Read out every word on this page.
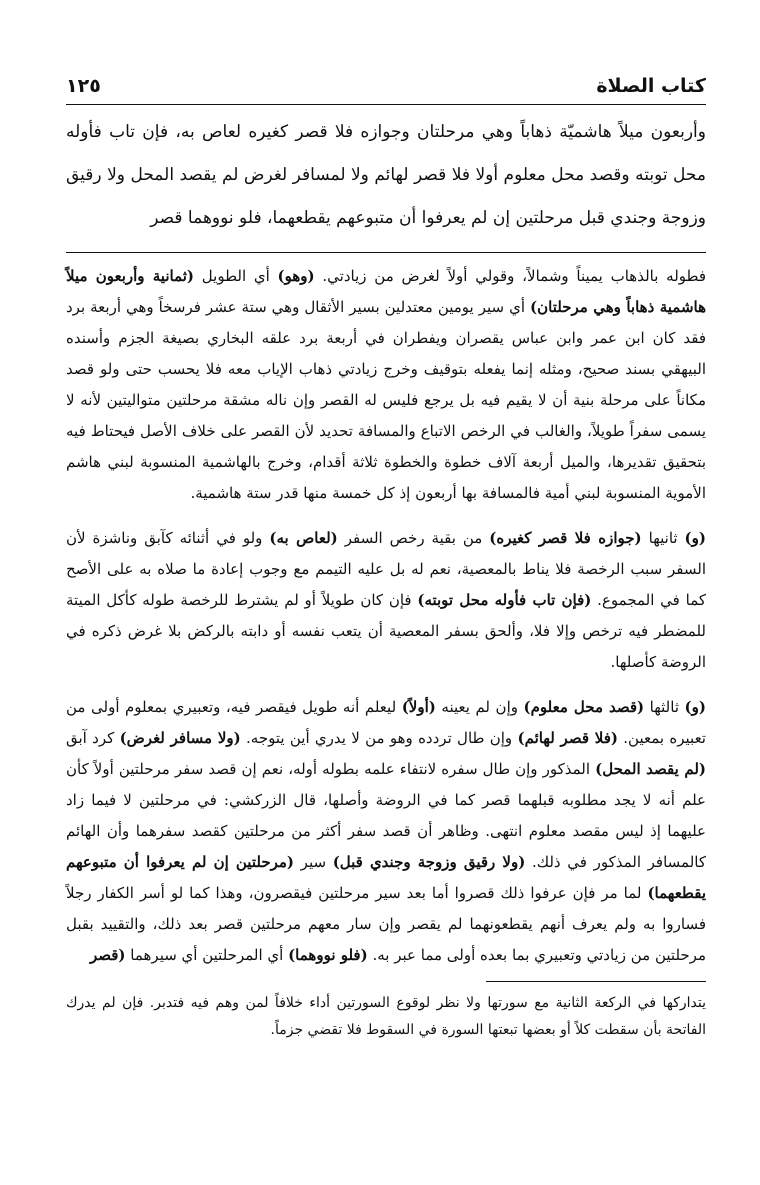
كتاب الصلاة
١٢٥

وأربعون ميلاً هاشميّة ذهاباً وهي مرحلتان وجوازه فلا قصر كغيره لعاص به، فإن تاب فأوله محل توبته وقصد محل معلوم أولا فلا قصر لهائم ولا لمسافر لغرض لم يقصد المحل ولا رقيق وزوجة وجندي قبل مرحلتين إن لم يعرفوا أن متبوعهم يقطعهما، فلو نووهما قصر

فطوله بالذهاب يميناً وشمالاً، وقولي أولاً لغرض من زيادتي. (وهو) أي الطويل (ثمانية وأربعون ميلاً هاشمية ذهاباً وهي مرحلتان) أي سير يومين معتدلين بسير الأثقال وهي ستة عشر فرسخاً وهي أربعة برد فقد كان ابن عمر وابن عباس يقصران ويفطران في أربعة برد علقه البخاري بصيغة الجزم وأسنده البيهقي بسند صحيح، ومثله إنما يفعله بتوقيف وخرج زيادتي ذهاب الإياب معه فلا يحسب حتى ولو قصد مكاناً على مرحلة بنية أن لا يقيم فيه بل يرجع فليس له القصر وإن ناله مشقة مرحلتين متواليتين لأنه لا يسمى سفراً طويلاً، والغالب في الرخص الاتباع والمسافة تحديد لأن القصر على خلاف الأصل فيحتاط فيه بتحقيق تقديرها، والميل أربعة آلاف خطوة والخطوة ثلاثة أقدام، وخرج بالهاشمية المنسوبة لبني هاشم الأموية المنسوبة لبني أمية فالمسافة بها أربعون إذ كل خمسة منها قدر ستة هاشمية.

(و) ثانيها (جوازه فلا قصر كغيره) من بقية رخص السفر (لعاص به) ولو في أثنائه كآبق وناشزة لأن السفر سبب الرخصة فلا يناط بالمعصية، نعم له بل عليه التيمم مع وجوب إعادة ما صلاه به على الأصح كما في المجموع. (فإن تاب فأوله محل توبته) فإن كان طويلاً أو لم يشترط للرخصة طوله كأكل الميتة للمضطر فيه ترخص وإلا فلا، وألحق بسفر المعصية أن يتعب نفسه أو دابته بالركض بلا غرض ذكره في الروضة كأصلها.

(و) ثالثها (قصد محل معلوم) وإن لم يعينه (أولاً) ليعلم أنه طويل فيقصر فيه، وتعبيري بمعلوم أولى من تعبيره بمعين. (فلا قصر لهائم) وإن طال تردده وهو من لا يدري أين يتوجه. (ولا مسافر لغرض) كرد آبق (لم يقصد المحل) المذكور وإن طال سفره لانتفاء علمه بطوله أوله، نعم إن قصد سفر مرحلتين أولاً كأن علم أنه لا يجد مطلوبه قبلهما قصر كما في الروضة وأصلها، قال الزركشي: في مرحلتين لا فيما زاد عليهما إذ ليس مقصد معلوم انتهى. وظاهر أن قصد سفر أكثر من مرحلتين كقصد سفرهما وأن الهائم كالمسافر المذكور في ذلك. (ولا رقيق وزوجة وجندي قبل) سير (مرحلتين إن لم يعرفوا أن متبوعهم يقطعهما) لما مر فإن عرفوا ذلك قصروا أما بعد سير مرحلتين فيقصرون، وهذا كما لو أسر الكفار رجلاً فساروا به ولم يعرف أنهم يقطعونهما لم يقصر وإن سار معهم مرحلتين قصر بعد ذلك، والتقييد بقبل مرحلتين من زيادتي وتعبيري بما بعده أولى مما عبر به. (فلو نووهما) أي المرحلتين أي سيرهما (قصر

يتداركها في الركعة الثانية مع سورتها ولا نظر لوقوع السورتين أداء خلافاً لمن وهم فيه فتدبر. فإن لم يدرك الفاتحة بأن سقطت كلاً أو بعضها تبعتها السورة في السقوط فلا تقضي جزماً.
